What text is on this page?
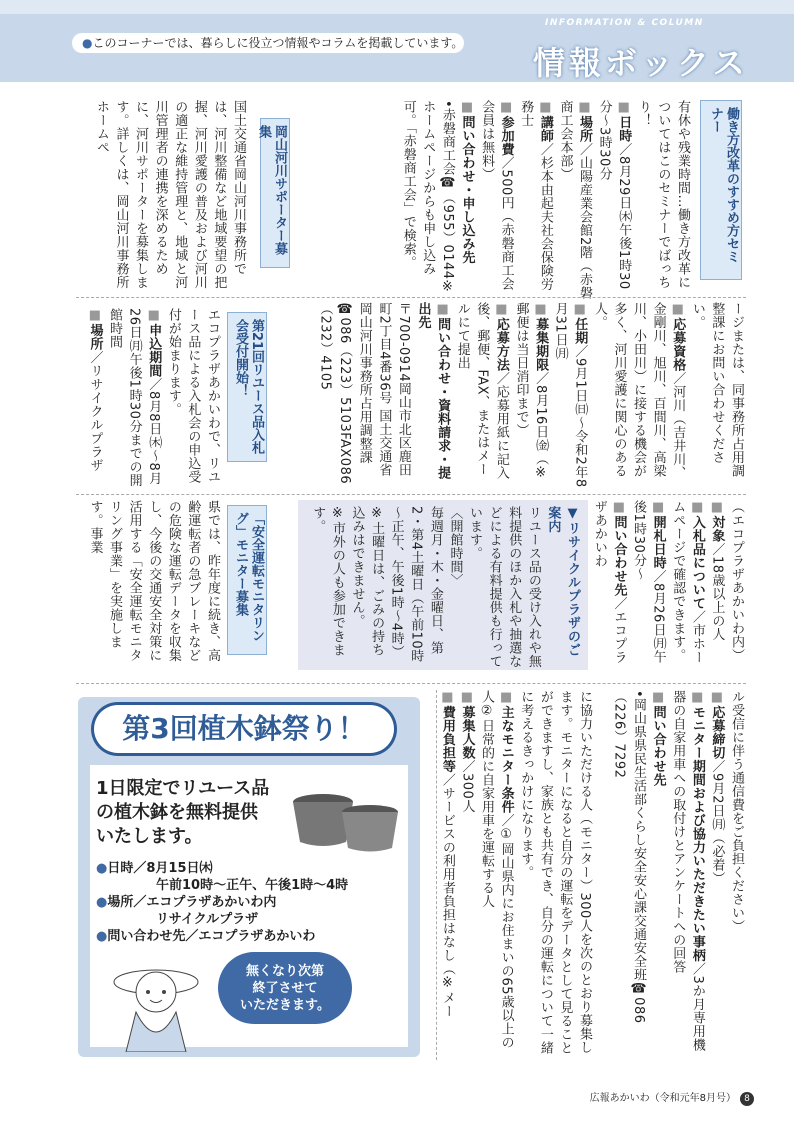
●このコーナーでは、暮らしに役立つ情報やコラムを掲載しています。
INFORMATION & COLUMN
情報ボックス
働き方改革のすすめ方セミナー
有休や残業時間…働き方改革についてはこのセミナーでばっちり！
■日時／8月29日㈭午後1時30分～3時30分
■場所／山陽産業会館2階（赤磐商工会本部）
■講師／杉本由起夫社会保険労務士
■参加費／500円（赤磐商工会会員は無料）
■問い合わせ・申し込み先
•赤磐商工会☎（955）0144※ホームページからも申し込み可。「赤磐商工会」で検索。
岡山河川サポーター募集
国土交通省岡山河川事務所では、河川整備など地域要望の把握、河川愛護の普及および河川の適正な維持管理と、地域と河川管理者の連携を深めるために、河川サポーターを募集します。詳しくは、岡山河川事務所ホームペ
ージまたは、同事務所占用調整課にお問い合わせください。
■応募資格／河川（吉井川、金剛川、旭川、百間川、高梁川、小田川）に接する機会が多く、河川愛護に関心のある人。
■任期／9月1日㈰～令和2年8月31日㈪
■募集期限／8月16日㈮（※郵便は当日消印まで）
■応募方法／応募用紙に記入後、郵便、FAX、またはメールにて提出
■問い合わせ・資料請求・提出先
〒700-0914岡山市北区鹿田町2丁目4番36号 国土交通省岡山河川事務所占用調整課☎086（223）5103FAX086（232）4105
第21回リユース品入札会受付開始！
エコプラザあかいわで、リユース品による入札会の申込受付が始まります。
■申込期間／8月8日㈭～8月26日㈪午後1時30分までの開館時間
■場所／リサイクルプラザ
（エコプラザあかいわ内）
■対象／18歳以上の人
■入札品について／市ホームページで確認できます。
■開札日時／8月26日㈪午後1時30分～
■問い合わせ先／エコプラザあかいわ
▼リサイクルプラザのご案内
リユース品の受け入れや無料提供のほか入札や抽選などによる有料提供も行っています。
〈開館時間〉
毎週月・木・金曜日、第2・第4土曜日（午前10時～正午、午後1時～4時）
※土曜日は、ごみの持ち込みはできません。
※市外の人も参加できます。
「安全運転モニタリング」モニター募集
県では、昨年度に続き、高齢運転者の急ブレーキなどの危険な運転データを収集し、今後の交通安全対策に活用する「安全運転モニタリング事業」を実施します。事業
に協力いただける人（モニター）300人を次のとおり募集します。モニターになると自分の運転をデータとして見ることができますし、家族とも共有でき、自分の運転について一緒に考えるきっかけになります。
■主なモニター条件／①岡山県内にお住まいの65歳以上の人②日常的に自家用車を運転する人
■募集人数／300人
■費用負担等／サービスの利用者負担はなし（※メー	ル受信に伴う通信費をご負担ください）
■応募締切／9月2日㈪（必着）
■モニター期間および協力いただきたい事柄／3か月専用機器の自家用車への取付けとアンケートへの回答
■問い合わせ先
•岡山県県民生活部くらし安全安心課交通安全班☎086（226）7292
第3回植木鉢祭り！
1日限定でリユース品
の植木鉢を無料提供
いたします。
●日時／8月15日㈭
午前10時～正午、午後1時～4時
●場所／エコプラザあかいわ内
リサイクルプラザ
●問い合わせ先／エコプラザあかいわ
無くなり次第
終了させて
いただきます。
広報あかいわ（令和元年8月号） 8
